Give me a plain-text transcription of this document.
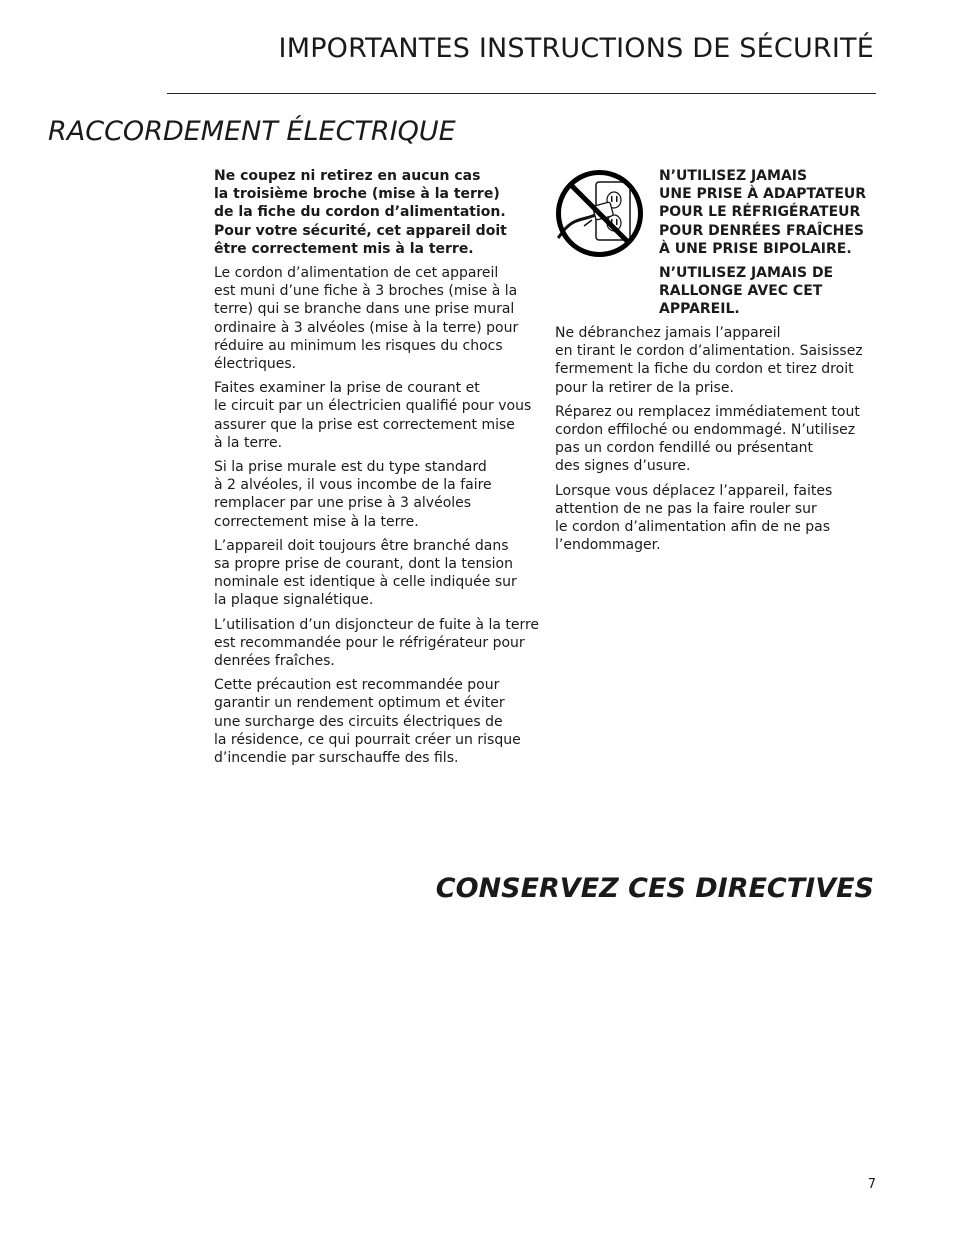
IMPORTANTES INSTRUCTIONS DE SÉCURITÉ
RACCORDEMENT ÉLECTRIQUE

Ne coupez ni retirez en aucun cas
la troisième broche (mise à la terre)
de la fiche du cordon d’alimentation.
Pour votre sécurité, cet appareil doit
être correctement mis à la terre.

Le cordon d’alimentation de cet appareil
est muni d’une fiche à 3 broches (mise à la
terre) qui se branche dans une prise mural
ordinaire à 3 alvéoles (mise à la terre) pour
réduire au minimum les risques du chocs
électriques.

Faites examiner la prise de courant et
le circuit par un électricien qualifié pour vous
assurer que la prise est correctement mise
à la terre.

Si la prise murale est du type standard
à 2 alvéoles, il vous incombe de la faire
remplacer par une prise à 3 alvéoles
correctement mise à la terre.

L’appareil doit toujours être branché dans
sa propre prise de courant, dont la tension
nominale est identique à celle indiquée sur
la plaque signalétique.

L’utilisation d’un disjoncteur de fuite à la terre
est recommandée pour le réfrigérateur pour
denrées fraîches.

Cette précaution est recommandée pour
garantir un rendement optimum et éviter
une surcharge des circuits électriques de
la résidence, ce qui pourrait créer un risque
d’incendie par surschauffe des fils.

N’UTILISEZ JAMAIS
UNE PRISE À ADAPTATEUR
POUR LE RÉFRIGÉRATEUR
POUR DENRÉES FRAÎCHES
À UNE PRISE BIPOLAIRE.

N’UTILISEZ JAMAIS DE
RALLONGE AVEC CET
APPAREIL.

Ne débranchez jamais l’appareil
en tirant le cordon d’alimentation. Saisissez
fermement la fiche du cordon et tirez droit
pour la retirer de la prise.

Réparez ou remplacez immédiatement tout
cordon effiloché ou endommagé. N’utilisez
pas un cordon fendillé ou présentant
des signes d’usure.

Lorsque vous déplacez l’appareil, faites
attention de ne pas la faire rouler sur
le cordon d’alimentation afin de ne pas
l’endommager.

CONSERVEZ CES DIRECTIVES
7
